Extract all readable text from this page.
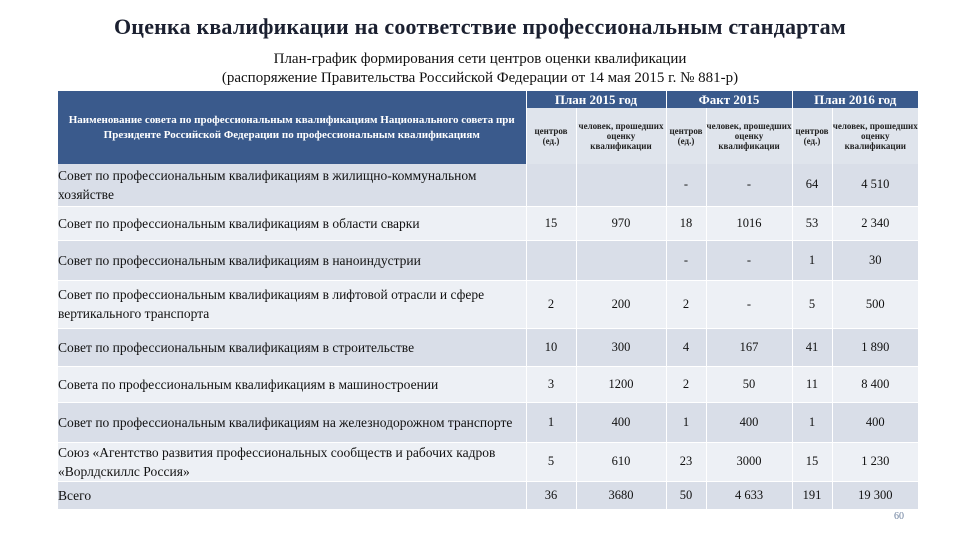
Оценка квалификации на соответствие профессиональным стандартам
План-график формирования сети центров оценки квалификации
(распоряжение Правительства Российской Федерации от 14 мая 2015 г. № 881-р)
Наименование совета по профессиональным квалификациям Национального совета при Президенте Российской Федерации по профессиональным квалификациям	План 2015 год		Факт 2015		План 2016 год	
	центров (ед.)	человек, прошедших оценку квалификации	центров (ед.)	человек, прошедших оценку квалификации	центров (ед.)	человек, прошедших оценку квалификации
Совет по профессиональным квалификациям в жилищно-коммунальном хозяйстве			-	-	64	4 510
Совет по профессиональным квалификациям в области сварки	15	970	18	1016	53	2 340
Совет по профессиональным квалификациям в наноиндустрии			-	-	1	30
Совет по профессиональным квалификациям в лифтовой отрасли и сфере вертикального транспорта	2	200	2	-	5	500
Совет по профессиональным квалификациям в строительстве	10	300	4	167	41	1 890
Совета по профессиональным квалификациям в машиностроении	3	1200	2	50	11	8 400
Совет по профессиональным квалификациям на железнодорожном транспорте	1	400	1	400	1	400
Союз «Агентство развития профессиональных сообществ и рабочих кадров «Ворлдскиллс Россия»	5	610	23	3000	15	1 230
Всего	36	3680	50	4 633	191	19 300
60
